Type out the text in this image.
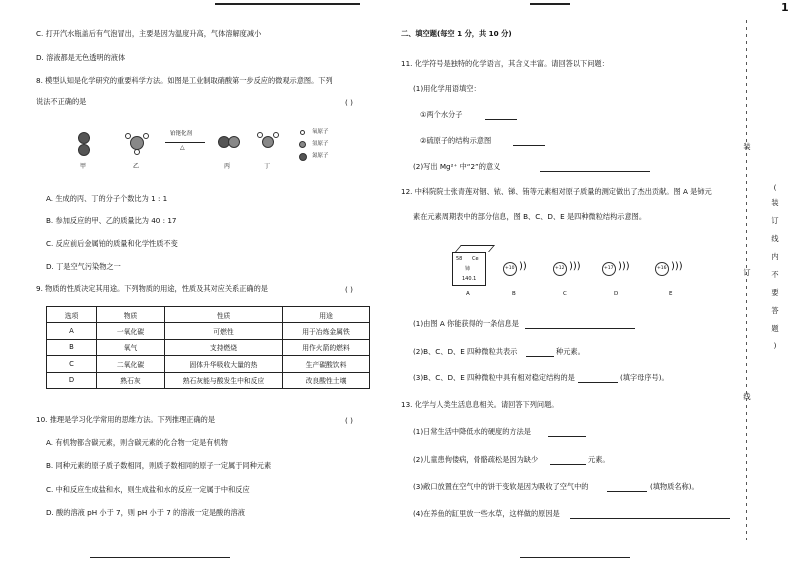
C. 打开汽水瓶盖后有气泡冒出，主要是因为温度升高，气体溶解度减小
D. 溶液都是无色透明的液体
8. 模型认知是化学研究的重要科学方法。如图是工业制取硝酸第一步反应的微观示意图。下列
说法不正确的是	( )
铂铑化剂
△
氧原子
氢原子
氮原子
甲	乙	丙	丁
A. 生成的丙、丁的分子个数比为 1 : 1
B. 参加反应的甲、乙的质量比为 40 : 17
C. 反应前后金属铂的质量和化学性质不变
D. 丁是空气污染物之一
9. 物质的性质决定其用途。下列物质的用途，性质及其对应关系正确的是	( )
选项	物质	性质	用途
A	一氧化碳	可燃性	用于冶炼金属铁
B	氧气	支持燃烧	用作火箭的燃料
C	二氧化碳	固体升华吸收大量的热	生产碳酸饮料
D	熟石灰	熟石灰能与酸发生中和反应	改良酸性土壤
10. 推理是学习化学常用的思维方法。下列推理正确的是	( )
A. 有机物都含碳元素，则含碳元素的化合物一定是有机物
B. 同种元素的原子质子数相同，则质子数相同的原子一定属于同种元素
C. 中和反应生成盐和水，则生成盐和水的反应一定属于中和反应
D. 酸的溶液 pH 小于 7，则 pH 小于 7 的溶液一定是酸的溶液
二、填空题(每空 1 分，共 10 分)
11. 化学符号是独特的化学语言，其含义丰富。请回答以下问题：
(1)用化学用语填空：
①两个水分子
②硫原子的结构示意图
(2)写出 Mg²⁺ 中“2”的意义
12. 中科院院士张青莲对铟、铱、锑、铕等元素相对原子质量的测定做出了杰出贡献。图 A 是铈元
素在元素周期表中的部分信息，图 B、C、D、E 是四种微粒结构示意图。
58 Ce
铈
140.1
+10 ))	+12 )))	+17 )))	+16 )))
A	B	C	D	E
(1)由图 A 你能获得的一条信息是
(2)B、C、D、E 四种微粒共表示	种元素。
(3)B、C、D、E 四种微粒中具有相对稳定结构的是	(填字母序号)。
13. 化学与人类生活息息相关。请回答下列问题。
(1)日常生活中降低水的硬度的方法是
(2)儿童患佝偻病，骨骼疏松是因为缺少	元素。
(3)敞口放置在空气中的饼干变软是因为吸收了空气中的	(填物质名称)。
(4)在养鱼的缸里放一些水草，这样做的原因是
装
(
装
订
线
内
不
要
答
题
)
订
线
1
